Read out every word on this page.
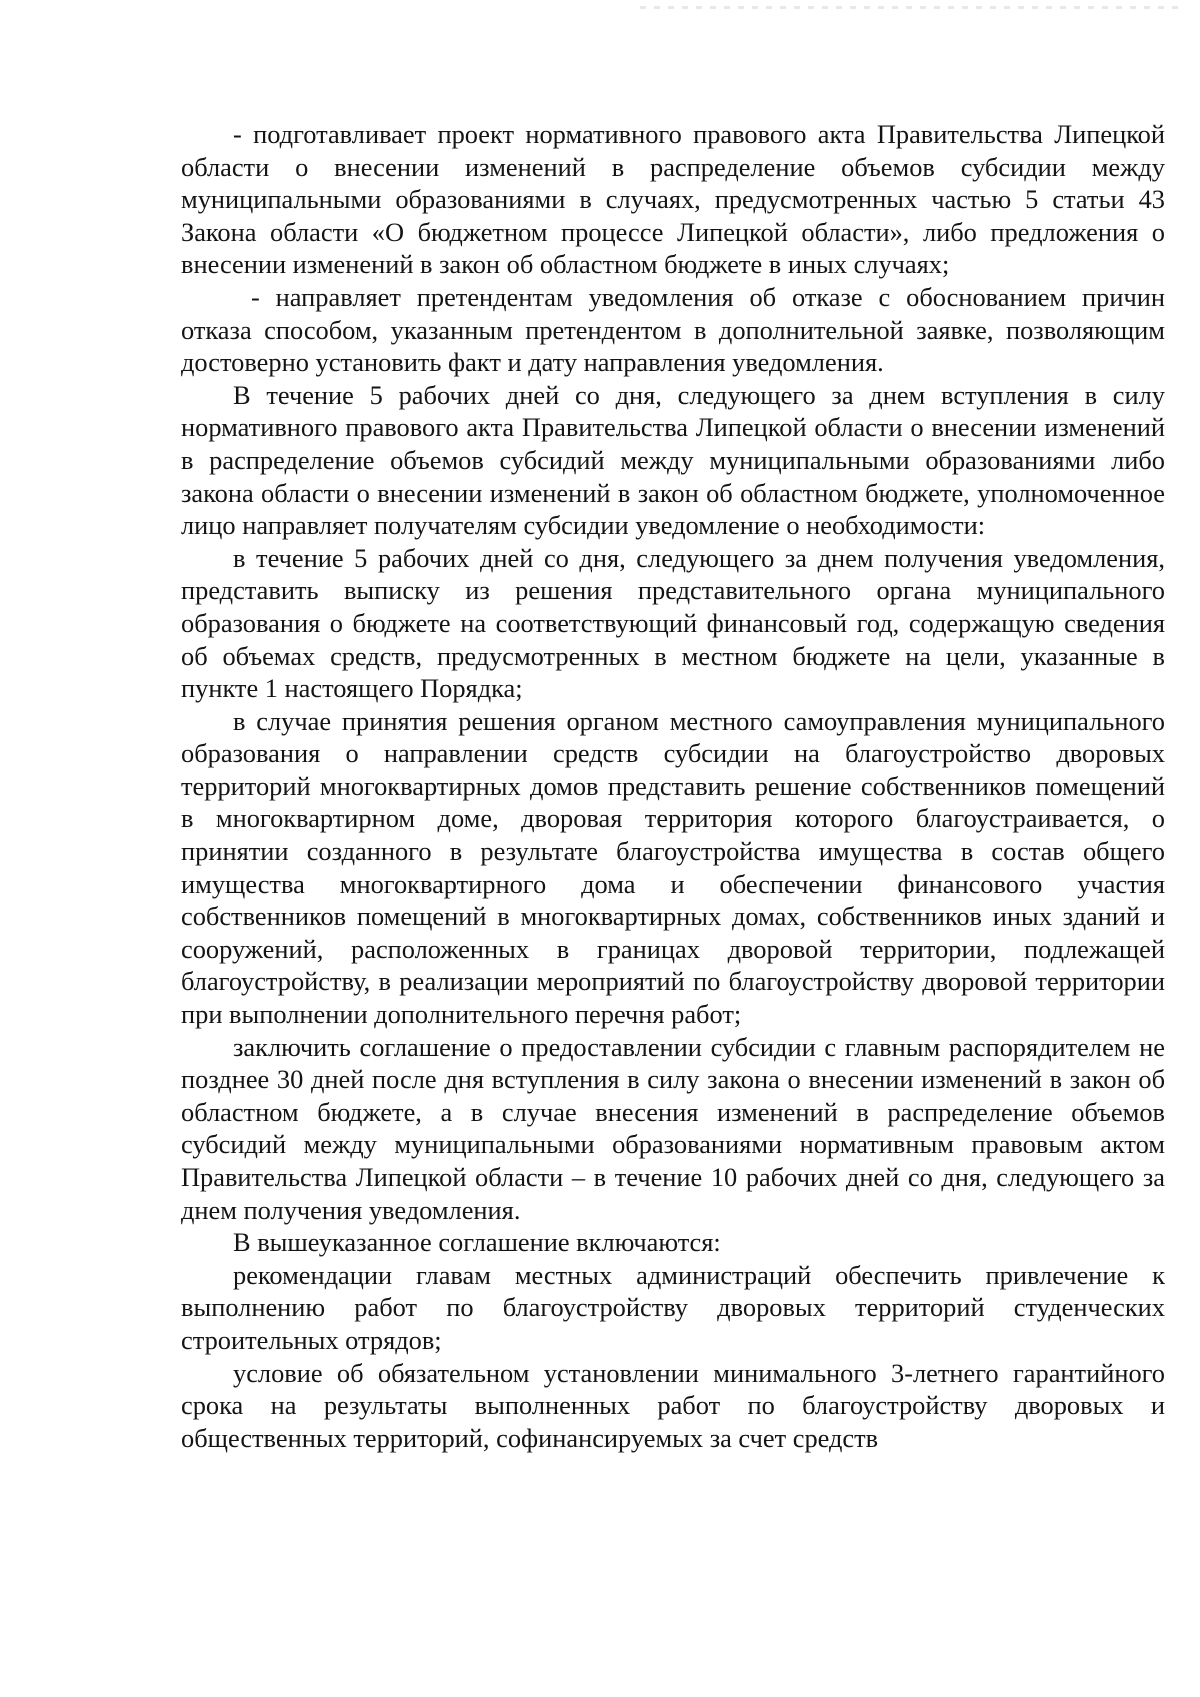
- подготавливает проект нормативного правового акта Правительства Липецкой области о внесении изменений в распределение объемов субсидии между муниципальными образованиями в случаях, предусмотренных частью 5 статьи 43 Закона области «О бюджетном процессе Липецкой области», либо предложения о внесении изменений в закон об областном бюджете в иных случаях;

- направляет претендентам уведомления об отказе с обоснованием причин отказа способом, указанным претендентом в дополнительной заявке, позволяющим достоверно установить факт и дату направления уведомления.

В течение 5 рабочих дней со дня, следующего за днем вступления в силу нормативного правового акта Правительства Липецкой области о внесении изменений в распределение объемов субсидий между муниципальными образованиями либо закона области о внесении изменений в закон об областном бюджете, уполномоченное лицо направляет получателям субсидии уведомление о необходимости:

в течение 5 рабочих дней со дня, следующего за днем получения уведомления, представить выписку из решения представительного органа муниципального образования о бюджете на соответствующий финансовый год, содержащую сведения об объемах средств, предусмотренных в местном бюджете на цели, указанные в пункте 1 настоящего Порядка;

в случае принятия решения органом местного самоуправления муниципального образования о направлении средств субсидии на благоустройство дворовых территорий многоквартирных домов представить решение собственников помещений в многоквартирном доме, дворовая территория которого благоустраивается, о принятии созданного в результате благоустройства имущества в состав общего имущества многоквартирного дома и обеспечении финансового участия собственников помещений в многоквартирных домах, собственников иных зданий и сооружений, расположенных в границах дворовой территории, подлежащей благоустройству, в реализации мероприятий по благоустройству дворовой территории при выполнении дополнительного перечня работ;

заключить соглашение о предоставлении субсидии с главным распорядителем не позднее 30 дней после дня вступления в силу закона о внесении изменений в закон об областном бюджете, а в случае внесения изменений в распределение объемов субсидий между муниципальными образованиями нормативным правовым актом Правительства Липецкой области – в течение 10 рабочих дней со дня, следующего за днем получения уведомления.

В вышеуказанное соглашение включаются:

рекомендации главам местных администраций обеспечить привлечение к выполнению работ по благоустройству дворовых территорий студенческих строительных отрядов;

условие об обязательном установлении минимального 3-летнего гарантийного срока на результаты выполненных работ по благоустройству дворовых и общественных территорий, софинансируемых за счет средств
